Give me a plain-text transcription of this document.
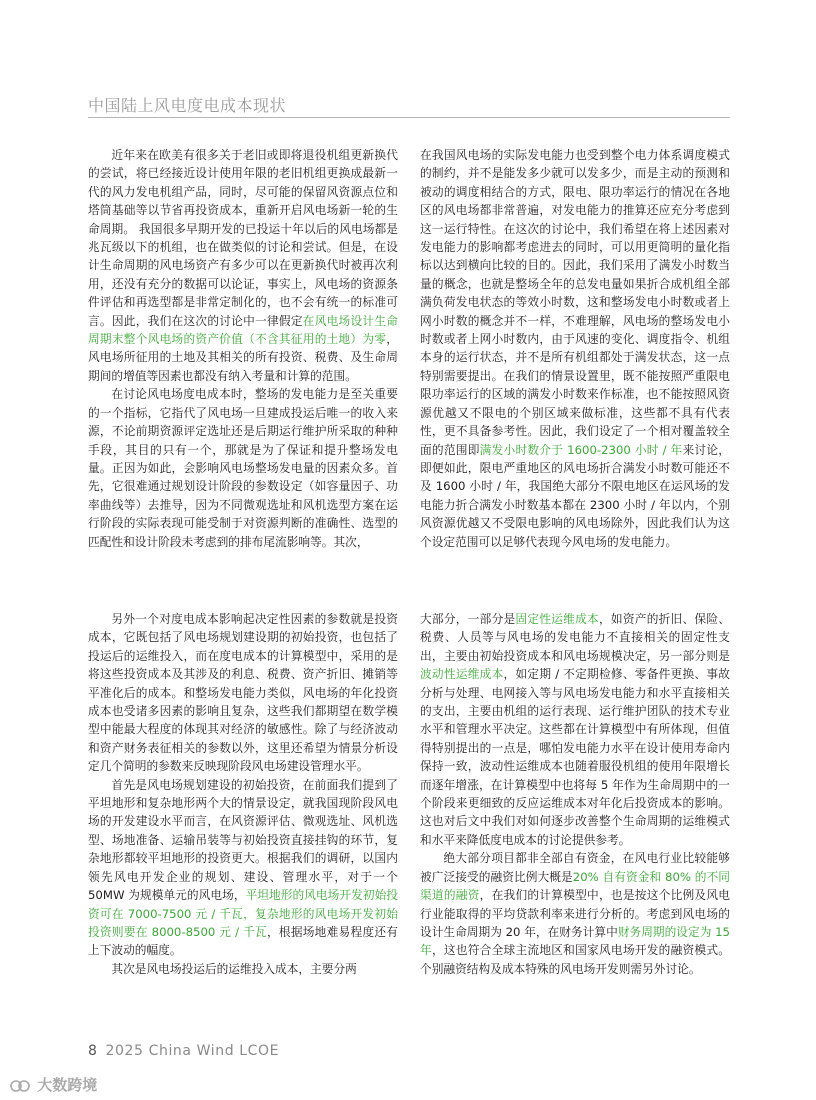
中国陆上风电度电成本现状

近年来在欧美有很多关于老旧或即将退役机组更新换代的尝试，将已经接近设计使用年限的老旧机组更换成最新一代的风力发电机组产品，同时，尽可能的保留风资源点位和塔筒基础等以节省再投资成本，重新开启风电场新一轮的生命周期。 我国很多早期开发的已投运十年以后的风电场都是兆瓦级以下的机组，也在做类似的讨论和尝试。但是，在设计生命周期的风电场资产有多少可以在更新换代时被再次利用，还没有充分的数据可以论证，事实上，风电场的资源条件评估和再选型都是非常定制化的，也不会有统一的标准可言。因此，我们在这次的讨论中一律假定在风电场设计生命周期末整个风电场的资产价值（不含其征用的土地）为零，风电场所征用的土地及其相关的所有投资、税费、及生命周期间的增值等因素也都没有纳入考量和计算的范围。

在讨论风电场度电成本时，整场的发电能力是至关重要的一个指标，它指代了风电场一旦建成投运后唯一的收入来源，不论前期资源评定选址还是后期运行维护所采取的种种手段，其目的只有一个，那就是为了保证和提升整场发电量。正因为如此，会影响风电场整场发电量的因素众多。首先，它很难通过规划设计阶段的参数设定（如容量因子、功率曲线等）去推导，因为不同微观选址和风机选型方案在运行阶段的实际表现可能受制于对资源判断的准确性、选型的匹配性和设计阶段未考虑到的排布尾流影响等。其次，

在我国风电场的实际发电能力也受到整个电力体系调度模式的制约，并不是能发多少就可以发多少，而是主动的预测和被动的调度相结合的方式，限电、限功率运行的情况在各地区的风电场都非常普遍，对发电能力的推算还应充分考虑到这一运行特性。在这次的讨论中，我们希望在将上述因素对发电能力的影响都考虑进去的同时，可以用更简明的量化指标以达到横向比较的目的。因此，我们采用了满发小时数当量的概念，也就是整场全年的总发电量如果折合成机组全部满负荷发电状态的等效小时数，这和整场发电小时数或者上网小时数的概念并不一样，不难理解，风电场的整场发电小时数或者上网小时数内，由于风速的变化、调度指令、机组本身的运行状态，并不是所有机组都处于满发状态，这一点特别需要提出。在我们的情景设置里，既不能按照严重限电限功率运行的区域的满发小时数来作标准，也不能按照风资源优越又不限电的个别区域来做标准，这些都不具有代表性，更不具备参考性。因此，我们设定了一个相对覆盖较全面的范围即满发小时数介于 1600-2300 小时 / 年来讨论，即便如此，限电严重地区的风电场折合满发小时数可能还不及 1600 小时 / 年，我国绝大部分不限电地区在运风场的发电能力折合满发小时数基本都在 2300 小时 / 年以内，个别风资源优越又不受限电影响的风电场除外，因此我们认为这个设定范围可以足够代表现今风电场的发电能力。

另外一个对度电成本影响起决定性因素的参数就是投资成本，它既包括了风电场规划建设期的初始投资，也包括了投运后的运维投入，而在度电成本的计算模型中，采用的是将这些投资成本及其涉及的利息、税费、资产折旧、摊销等平准化后的成本。和整场发电能力类似，风电场的年化投资成本也受诸多因素的影响且复杂，这些我们都期望在数学模型中能最大程度的体现其对经济的敏感性。除了与经济波动和资产财务表征相关的参数以外，这里还希望为情景分析设定几个简明的参数来反映现阶段风电场建设管理水平。

首先是风电场规划建设的初始投资，在前面我们提到了平坦地形和复杂地形两个大的情景设定，就我国现阶段风电场的开发建设水平而言，在风资源评估、微观选址、风机选型、场地准备、运输吊装等与初始投资直接挂钩的环节，复杂地形都较平坦地形的投资更大。根据我们的调研，以国内领先风电开发企业的规划、建设、管理水平，对于一个 50MW 为规模单元的风电场，平坦地形的风电场开发初始投资可在 7000-7500 元 / 千瓦，复杂地形的风电场开发初始投资则要在 8000-8500 元 / 千瓦，根据场地难易程度还有上下波动的幅度。

其次是风电场投运后的运维投入成本，主要分两

大部分，一部分是固定性运维成本，如资产的折旧、保险、税费、人员等与风电场的发电能力不直接相关的固定性支出，主要由初始投资成本和风电场规模决定，另一部分则是波动性运维成本，如定期 / 不定期检修、零备件更换、事故分析与处理、电网接入等与风电场发电能力和水平直接相关的支出，主要由机组的运行表现、运行维护团队的技术专业水平和管理水平决定。这些都在计算模型中有所体现，但值得特别提出的一点是，哪怕发电能力水平在设计使用寿命内保持一致，波动性运维成本也随着服役机组的使用年限增长而逐年增涨，在计算模型中也将每 5 年作为生命周期中的一个阶段来更细致的反应运维成本对年化后投资成本的影响。这也对后文中我们对如何逐步改善整个生命周期的运维模式和水平来降低度电成本的讨论提供参考。

绝大部分项目都非全部自有资金，在风电行业比较能够被广泛接受的融资比例大概是20% 自有资金和 80% 的不同渠道的融资，在我们的计算模型中，也是按这个比例及风电行业能取得的平均贷款利率来进行分析的。考虑到风电场的设计生命周期为 20 年，在财务计算中财务周期的设定为 15 年，这也符合全球主流地区和国家风电场开发的融资模式。个别融资结构及成本特殊的风电场开发则需另外讨论。

8 2025 China Wind LCOE
大数跨境
